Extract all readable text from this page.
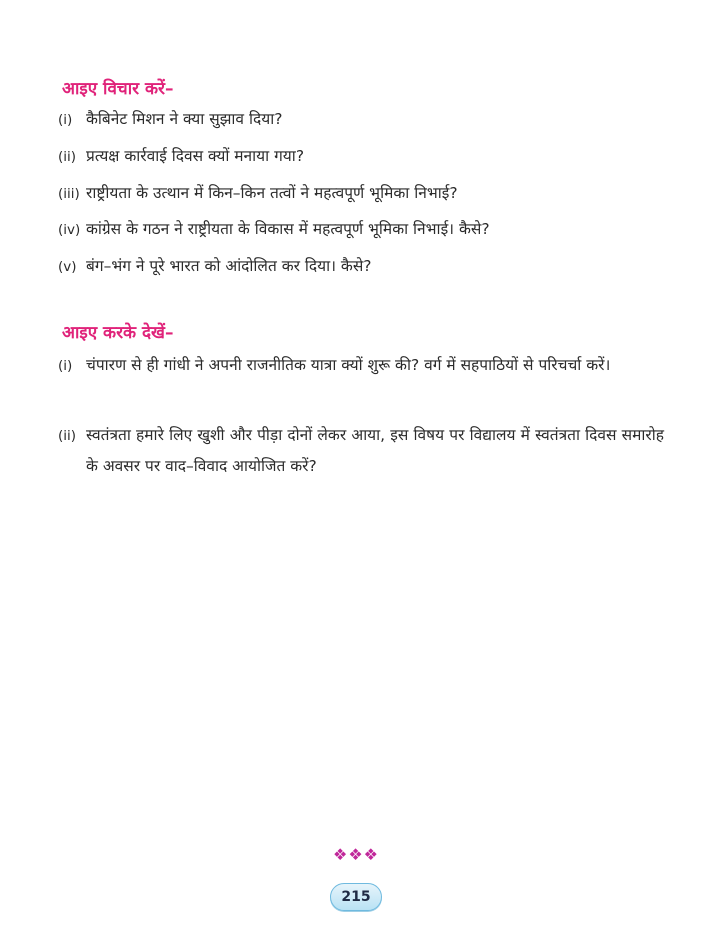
आइए विचार करें–
(i) कैबिनेट मिशन ने क्या सुझाव दिया?
(ii) प्रत्यक्ष कार्रवाई दिवस क्यों मनाया गया?
(iii) राष्ट्रीयता के उत्थान में किन–किन तत्वों ने महत्वपूर्ण भूमिका निभाई?
(iv) कांग्रेस के गठन ने राष्ट्रीयता के विकास में महत्वपूर्ण भूमिका निभाई। कैसे?
(v) बंग–भंग ने पूरे भारत को आंदोलित कर दिया। कैसे?
आइए करके देखें–
(i) चंपारण से ही गांधी ने अपनी राजनीतिक यात्रा क्यों शुरू की? वर्ग में सहपाठियों से परिचर्चा करें।
(ii) स्वतंत्रता हमारे लिए खुशी और पीड़ा दोनों लेकर आया, इस विषय पर विद्यालय में स्वतंत्रता दिवस समारोह के अवसर पर वाद–विवाद आयोजित करें?
❖❖❖
215
